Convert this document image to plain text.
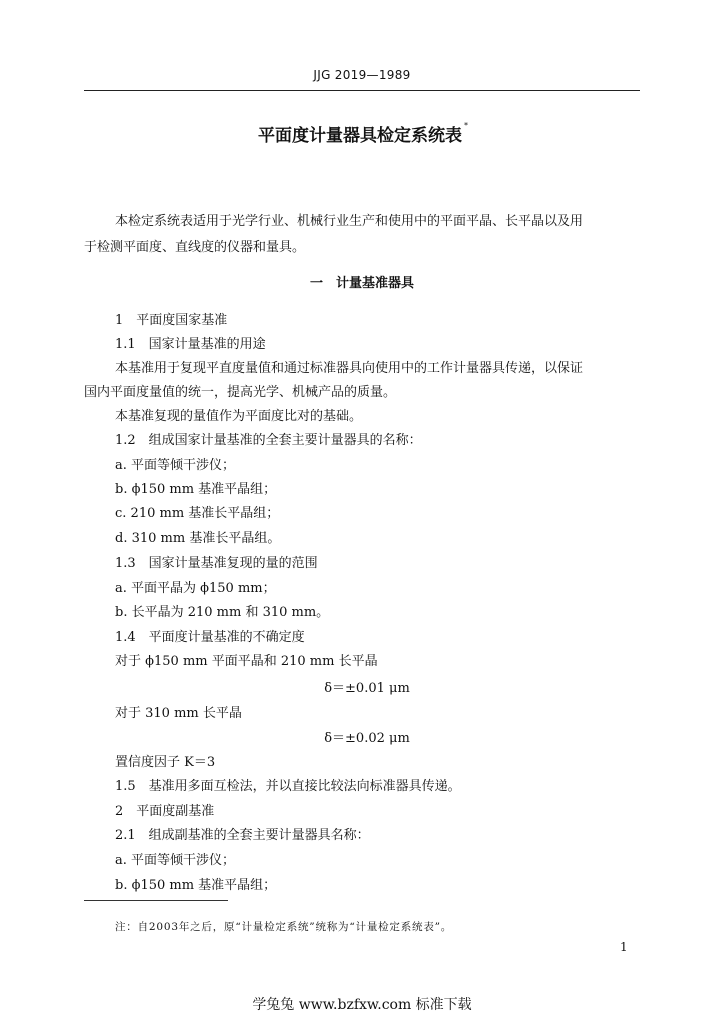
JJG 2019—1989
平面度计量器具检定系统表*
本检定系统表适用于光学行业、机械行业生产和使用中的平面平晶、长平晶以及用
于检测平面度、直线度的仪器和量具。
一　计量基准器具
1　平面度国家基准
1.1　国家计量基准的用途
本基准用于复现平直度量值和通过标准器具向使用中的工作计量器具传递，以保证
国内平面度量值的统一，提高光学、机械产品的质量。
本基准复现的量值作为平面度比对的基础。
1.2　组成国家计量基准的全套主要计量器具的名称：
a. 平面等倾干涉仪；
b. ϕ150 mm 基准平晶组；
c. 210 mm 基准长平晶组；
d. 310 mm 基准长平晶组。
1.3　国家计量基准复现的量的范围
a. 平面平晶为 ϕ150 mm；
b. 长平晶为 210 mm 和 310 mm。
1.4　平面度计量基准的不确定度
对于 ϕ150 mm 平面平晶和 210 mm 长平晶
δ＝±0.01 μm
对于 310 mm 长平晶
δ＝±0.02 μm
置信度因子 K＝3
1.5　基准用多面互检法，并以直接比较法向标准器具传递。
2　平面度副基准
2.1　组成副基准的全套主要计量器具名称：
a. 平面等倾干涉仪；
b. ϕ150 mm 基准平晶组；
注：自2003年之后，原“计量检定系统”统称为“计量检定系统表”。
1
学兔兔 www.bzfxw.com 标准下载
